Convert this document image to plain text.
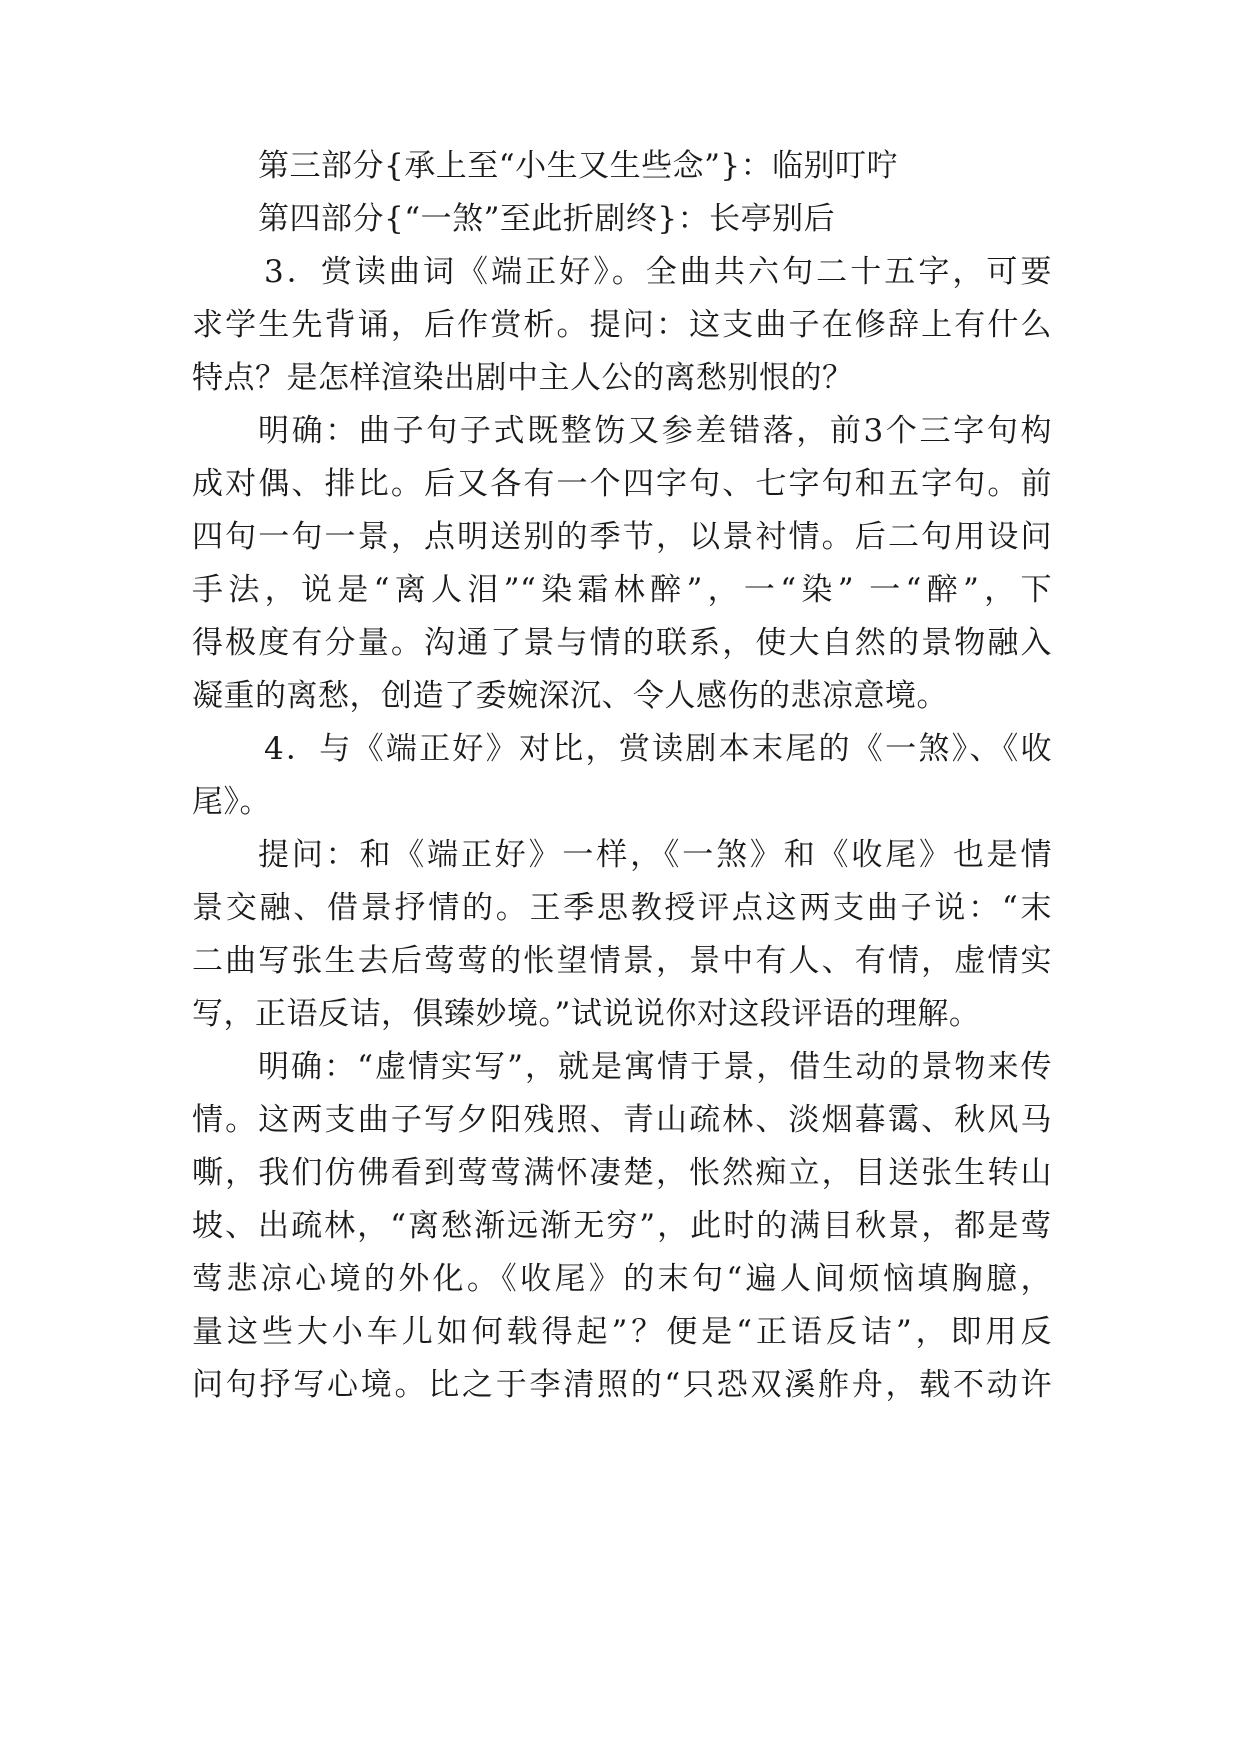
第三部分{承上至“小生又生些念”}：临别叮咛
第四部分{“一煞”至此折剧终}：长亭别后
3．赏读曲词《端正好》。全曲共六句二十五字，可要
求学生先背诵，后作赏析。提问：这支曲子在修辞上有什么
特点？是怎样渲染出剧中主人公的离愁别恨的？
明确：曲子句子式既整饬又参差错落，前3个三字句构
成对偶、排比。后又各有一个四字句、七字句和五字句。前
四句一句一景，点明送别的季节，以景衬情。后二句用设问
手法，说是“离人泪”“染霜林醉”，一“染” 一“醉”，下
得极度有分量。沟通了景与情的联系，使大自然的景物融入
凝重的离愁，创造了委婉深沉、令人感伤的悲凉意境。
4．与《端正好》对比，赏读剧本末尾的《一煞》、《收
尾》。
提问：和《端正好》一样，《一煞》和《收尾》也是情
景交融、借景抒情的。王季思教授评点这两支曲子说：“末
二曲写张生去后莺莺的怅望情景，景中有人、有情，虚情实
写，正语反诘，俱臻妙境。”试说说你对这段评语的理解。
明确：“虚情实写”，就是寓情于景，借生动的景物来传
情。这两支曲子写夕阳残照、青山疏林、淡烟暮霭、秋风马
嘶，我们仿佛看到莺莺满怀凄楚，怅然痴立，目送张生转山
坡、出疏林，“离愁渐远渐无穷”，此时的满目秋景，都是莺
莺悲凉心境的外化。《收尾》的末句“遍人间烦恼填胸臆，
量这些大小车儿如何载得起”？便是“正语反诘”，即用反
问句抒写心境。比之于李清照的“只恐双溪舴舟，载不动许
